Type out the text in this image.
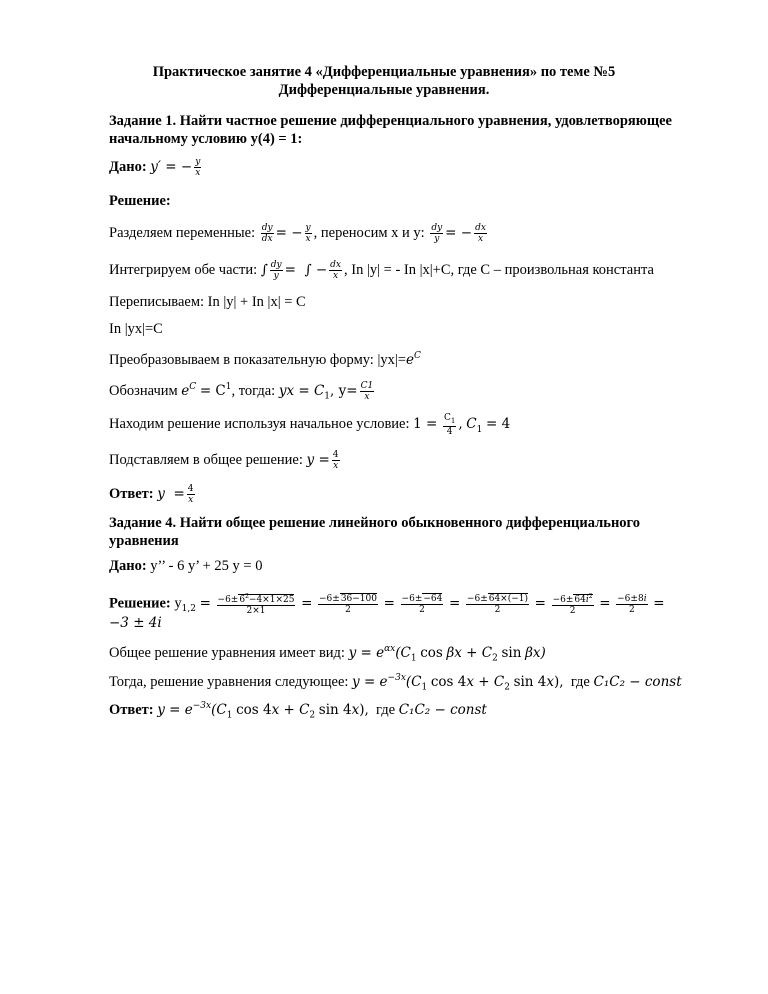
Практическое занятие 4 «Дифференциальные уравнения» по теме №5
Дифференциальные уравнения.
Задание 1. Найти частное решение дифференциального уравнения, удовлетворяющее
начальному условию y(4) = 1:
Дано: y′ = − $\frac{y}{x}$
Решение:
Разделяем переменные: $\frac{dy}{dx}$ = − $\frac{y}{x}$ , переносим x и y: $\frac{dy}{y}$ = − $\frac{dx}{x}$
Интегрируем обе части: ∫ $\frac{dy}{y}$ =  ∫ − $\frac{dx}{x}$ , In |y| = - In |x|+C, где C – произвольная константа
Переписываем: In |y| + In |x| = C
In |yx|=C
Преобразовываем в показательную форму: $|yx|=e^C$
Обозначим $e^C = C^1$, тогда: yx = $C_1$, $y= \frac{C1}{x}$
Находим решение используя начальное условие: $1 = \frac{C_1}{4}$ , $C_1 = 4$
Подставляем в общее решение: $y = \frac{4}{x}$
Ответ: $y = \frac{4}{x}$
Задание 4. Найти общее решение линейного обыкновенного дифференциального
уравнения
Дано: y’’ - 6 y’ + 25 y = 0
Решение: $y_{1,2} = \frac{-6\pm 6^2-4\times 1\times 25}{2\times 1} = \frac{-6\pm 36-100}{2} = \frac{-6\pm-64}{2} = \frac{-6\pm 64\times(-1)}{2} = \frac{-6\pm 64i^2}{2} = \frac{-6\pm 8i}{2}$ =
−3 ± 4i
Общее решение уравнения имеет вид: $y = e^{\alpha x}(C_1$ $\cos \beta x + C_2$ sin βx)
Тогда, решение уравнения следующее: $y = e^{-3x}(C_1$ $\cos 4x + C_2$ sin 4x), где C₁C₂ − const
Ответ: $y = e^{-3x}(C_1$ $\cos 4x + C_2$ sin 4x), где C₁C₂ − const
